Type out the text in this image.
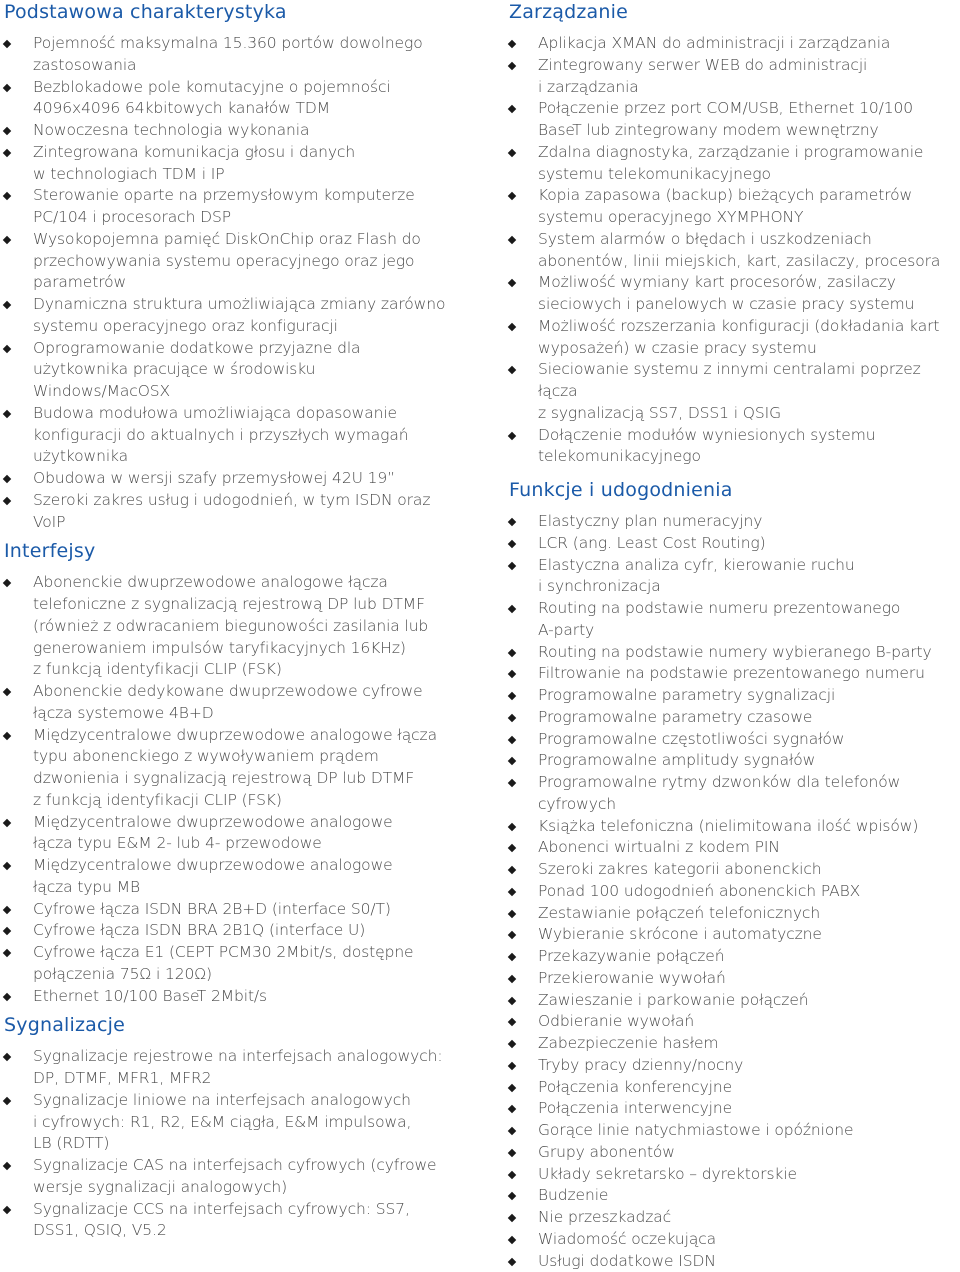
Podstawowa charakterystyka
Pojemność maksymalna 15.360 portów dowolnego
zastosowania
Bezblokadowe pole komutacyjne o pojemności
4096x4096 64kbitowych kanałów TDM
Nowoczesna technologia wykonania
Zintegrowana komunikacja głosu i danych
w technologiach TDM i IP
Sterowanie oparte na przemysłowym komputerze
PC/104 i procesorach DSP
Wysokopojemna pamięć DiskOnChip oraz Flash do
przechowywania systemu operacyjnego oraz jego
parametrów
Dynamiczna struktura umożliwiająca zmiany zarówno
systemu operacyjnego oraz konfiguracji
Oprogramowanie dodatkowe przyjazne dla
użytkownika pracujące w środowisku
Windows/MacOSX
Budowa modułowa umożliwiająca dopasowanie
konfiguracji do aktualnych i przyszłych wymagań
użytkownika
Obudowa w wersji szafy przemysłowej 42U 19”
Szeroki zakres usług i udogodnień, w tym ISDN oraz
VoIP
Interfejsy
Abonenckie dwuprzewodowe analogowe łącza
telefoniczne z sygnalizacją rejestrową DP lub DTMF
(również z odwracaniem biegunowości zasilania lub
generowaniem impulsów taryfikacyjnych 16KHz)
z funkcją identyfikacji CLIP (FSK)
Abonenckie dedykowane dwuprzewodowe cyfrowe
łącza systemowe 4B+D
Międzycentralowe dwuprzewodowe analogowe łącza
typu abonenckiego z wywoływaniem prądem
dzwonienia i sygnalizacją rejestrową DP lub DTMF
z funkcją identyfikacji CLIP (FSK)
Międzycentralowe dwuprzewodowe analogowe
łącza typu E&M 2- lub 4- przewodowe
Międzycentralowe dwuprzewodowe analogowe
łącza typu MB
Cyfrowe łącza ISDN BRA 2B+D (interface S0/T)
Cyfrowe łącza ISDN BRA 2B1Q (interface U)
Cyfrowe łącza E1 (CEPT PCM30 2Mbit/s, dostępne
połączenia 75Ω i 120Ω)
Ethernet 10/100 BaseT 2Mbit/s
Sygnalizacje
Sygnalizacje rejestrowe na interfejsach analogowych:
DP, DTMF, MFR1, MFR2
Sygnalizacje liniowe na interfejsach analogowych
i cyfrowych: R1, R2, E&M ciągła, E&M impulsowa,
LB (RDTT)
Sygnalizacje CAS na interfejsach cyfrowych (cyfrowe
wersje sygnalizacji analogowych)
Sygnalizacje CCS na interfejsach cyfrowych: SS7,
DSS1, QSIQ, V5.2
Zarządzanie
Aplikacja XMAN do administracji i zarządzania
Zintegrowany serwer WEB do administracji
i zarządzania
Połączenie przez port COM/USB, Ethernet 10/100
BaseT lub zintegrowany modem wewnętrzny
Zdalna diagnostyka, zarządzanie i programowanie
systemu telekomunikacyjnego
Kopia zapasowa (backup) bieżących parametrów
systemu operacyjnego XYMPHONY
System alarmów o błędach i uszkodzeniach
abonentów, linii miejskich, kart, zasilaczy, procesora
Możliwość wymiany kart procesorów, zasilaczy
sieciowych i panelowych w czasie pracy systemu
Możliwość rozszerzania konfiguracji (dokładania kart
wyposażeń) w czasie pracy systemu
Sieciowanie systemu z innymi centralami poprzez łącza
z sygnalizacją SS7, DSS1 i QSIG
Dołączenie modułów wyniesionych systemu
telekomunikacyjnego
Funkcje i udogodnienia
Elastyczny plan numeracyjny
LCR (ang. Least Cost Routing)
Elastyczna analiza cyfr, kierowanie ruchu
i synchronizacja
Routing na podstawie numeru prezentowanego
A-party
Routing na podstawie numery wybieranego B-party
Filtrowanie na podstawie prezentowanego numeru
Programowalne parametry sygnalizacji
Programowalne parametry czasowe
Programowalne częstotliwości sygnałów
Programowalne amplitudy sygnałów
Programowalne rytmy dzwonków dla telefonów
cyfrowych
Książka telefoniczna (nielimitowana ilość wpisów)
Abonenci wirtualni z kodem PIN
Szeroki zakres kategorii abonenckich
Ponad 100 udogodnień abonenckich PABX
Zestawianie połączeń telefonicznych
Wybieranie skrócone i automatyczne
Przekazywanie połączeń
Przekierowanie wywołań
Zawieszanie i parkowanie połączeń
Odbieranie wywołań
Zabezpieczenie hasłem
Tryby pracy dzienny/nocny
Połączenia konferencyjne
Połączenia interwencyjne
Gorące linie natychmiastowe i opóźnione
Grupy abonentów
Układy sekretarsko – dyrektorskie
Budzenie
Nie przeszkadzać
Wiadomość oczekująca
Usługi dodatkowe ISDN
